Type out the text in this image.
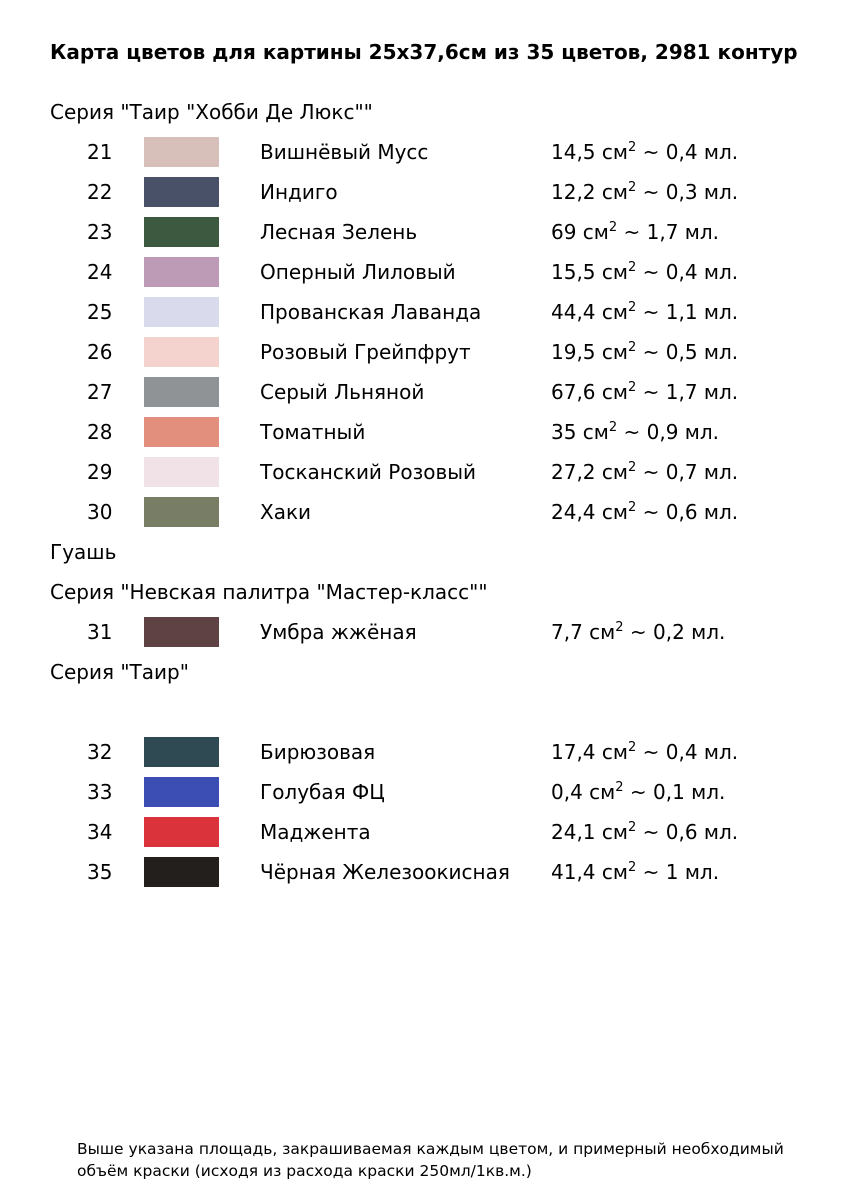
Карта цветов для картины 25х37,6см из 35 цветов, 2981 контур
Серия "Таир "Хобби Де Люкс""
21	Вишнёвый Мусс	14,5 $см^2$ ~ 0,4 мл.
22	Индиго	12,2 $см^2$ ~ 0,3 мл.
23	Лесная Зелень	69 $см^2$ ~ 1,7 мл.
24	Оперный Лиловый	15,5 $см^2$ ~ 0,4 мл.
25	Прованская Лаванда	44,4 $см^2$ ~ 1,1 мл.
26	Розовый Грейпфрут	19,5 $см^2$ ~ 0,5 мл.
27	Серый Льняной	67,6 $см^2$ ~ 1,7 мл.
28	Томатный	35 $см^2$ ~ 0,9 мл.
29	Тосканский Розовый	27,2 $см^2$ ~ 0,7 мл.
30	Хаки	24,4 $см^2$ ~ 0,6 мл.
Гуашь
Серия "Невская палитра "Мастер-класс""
31	Умбра жжёная	7,7 $см^2$ ~ 0,2 мл.
Серия "Таир"
32	Бирюзовая	17,4 $см^2$ ~ 0,4 мл.
33	Голубая ФЦ	0,4 $см^2$ ~ 0,1 мл.
34	Маджента	24,1 $см^2$ ~ 0,6 мл.
35	Чёрная Железоокисная 41,4 $см^2$ ~ 1 мл.
Выше указана площадь, закрашиваемая каждым цветом, и примерный необходимый объём краски (исходя из расхода краски 250мл/1кв.м.)
